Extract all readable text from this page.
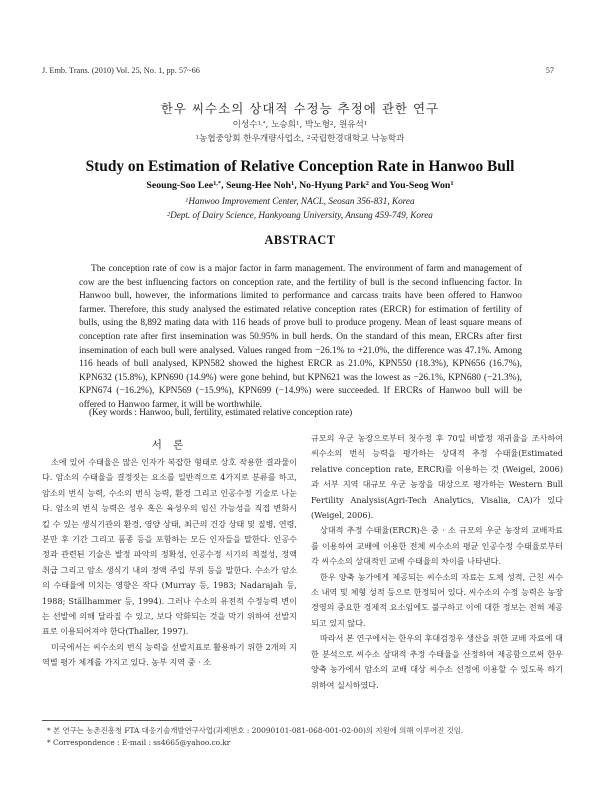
J. Emb. Trans. (2010) Vol. 25, No. 1, pp. 57~66	57
한우 씨수소의 상대적 수정능 추정에 관한 연구
이성수$^{1,*}$, 노승희$^1$, 박노형$^2$, 원유석$^1$
$^1$농협중앙회 한우개량사업소, $^2$국립한경대학교 낙농학과
Study on Estimation of Relative Conception Rate in Hanwoo Bull
Seoung-Soo Lee$^{1,*}$, Seung-Hee Noh$^1$, No-Hyung Park$^2$ and You-Seog Won$^1$
$^1$Hanwoo Improvement Center, NACL, Seosan 356-831, Korea
$^2$Dept. of Dairy Science, Hankyoung University, Ansung 459-749, Korea
ABSTRACT

The conception rate of cow is a major factor in farm management. The environment of farm and management of cow are the best influencing factors on conception rate, and the fertility of bull is the second influencing factor. In Hanwoo bull, however, the informations limited to performance and carcass traits have been offered to Hanwoo farmer. Therefore, this study analysed the estimated relative conception rates (ERCR) for estimation of fertility of bulls, using the 8,892 mating data with 116 heads of prove bull to produce progeny. Mean of least square means of conception rate after first insemination was 50.95% in bull herds. On the standard of this mean, ERCRs after first insemination of each bull were analysed. Values ranged from −26.1% to +21.0%, the difference was 47.1%. Among 116 heads of bull analysed, KPN582 showed the highest ERCR as 21.0%, KPN550 (18.3%), KPN656 (16.7%), KPN632 (15.8%), KPN690 (14.9%) were gone behind, but KPN621 was the lowest as −26.1%, KPN680 (−21.3%), KPN674 (−16.2%), KPN569 (−15.9%), KPN699 (−14.9%) were succeeded. If ERCRs of Hanwoo bull will be offered to Hanwoo farmer, it will be worthwhile.

(Key words : Hanwoo, bull, fertility, estimated relative conception rate)
서 론

소에 있어 수태율은 많은 인자가 복잡한 형태로 상호 작용한 결과물이다. 암소의 수태율을 결정짓는 요소를 일반적으로 4가지로 분류를 하고, 암소의 번식 능력, 수소의 번식 능력, 환경 그리고 인공수정 기술로 나눈다. 암소의 번식 능력은 성우 혹은 육성우의 임신 가능성을 직접 변화시킬 수 있는 생식기관의 환경, 영양 상태, 최근의 건강 상태 및 질병, 연령, 분만 후 기간 그리고 품종 등을 포함하는 모든 인자들을 말한다. 인공수정과 관련된 기술은 발정 파악의 정확성, 인공수정 시기의 적절성, 정액 취급 그리고 암소 생식기 내의 정액 주입 부위 등을 말한다. 수소가 암소의 수태율에 미치는 영향은 작다 (Murray 등, 1983; Nadarajah 등, 1988; Ställhammer 등, 1994). 그러나 수소의 유전적 수정능력 변이는 선발에 의해 달라질 수 있고, 보다 악화되는 것을 막기 위하여 선발지표로 이용되어져야 한다(Thaller, 1997).

미국에서는 씨수소의 번식 능력을 선발지표로 활용하기 위한 2개의 지역별 평가 체계를 가지고 있다. 농부 지역 중 · 소

규모의 우군 농장으로부터 첫수정 후 70일 비발정 재귀율을 조사하여 씨수소의 번식 능력을 평가하는 상대적 추정 수태율(Estimated relative conception rate, ERCR)를 이용하는 것 (Weigel, 2006)과 서부 지역 대규모 우군 농장을 대상으로 평가하는 Western Bull Fertility Analysis(Agri-Tech Analytics, Visalia, CA)가 있다(Weigel, 2006).

상대적 추정 수태율(ERCR)은 중 · 소 규모의 우군 농장의 교배자료를 이용하여 교배에 이용한 전체 씨수소의 평균 인공수정 수태율로부터 각 씨수소의 상대적인 교배 수태율의 차이를 나타낸다.

한우 양축 농가에게 제공되는 씨수소의 자료는 도체 성적, 근친 씨수소 내역 및 체형 성적 등으로 한정되어 있다. 씨수소의 수정 능력은 농장 경영의 중요한 경제적 요소임에도 불구하고 이에 대한 정보는 전혀 제공되고 있지 않다.

따라서 본 연구에서는 한우의 후대검정우 생산을 위한 교배 자료에 대한 분석으로 씨수소 상대적 추정 수태율을 산정하여 제공함으로써 한우 양축 농가에서 암소의 교배 대상 씨수소 선정에 이용할 수 있도록 하기 위하여 실시하였다.

* 본 연구는 농촌진흥청 FTA 대응기술개발연구사업(과제번호 : 20090101-081-068-001-02-00)의 지원에 의해 이루어진 것임.
* Correspondence : E-mail : ss4665@yahoo.co.kr
